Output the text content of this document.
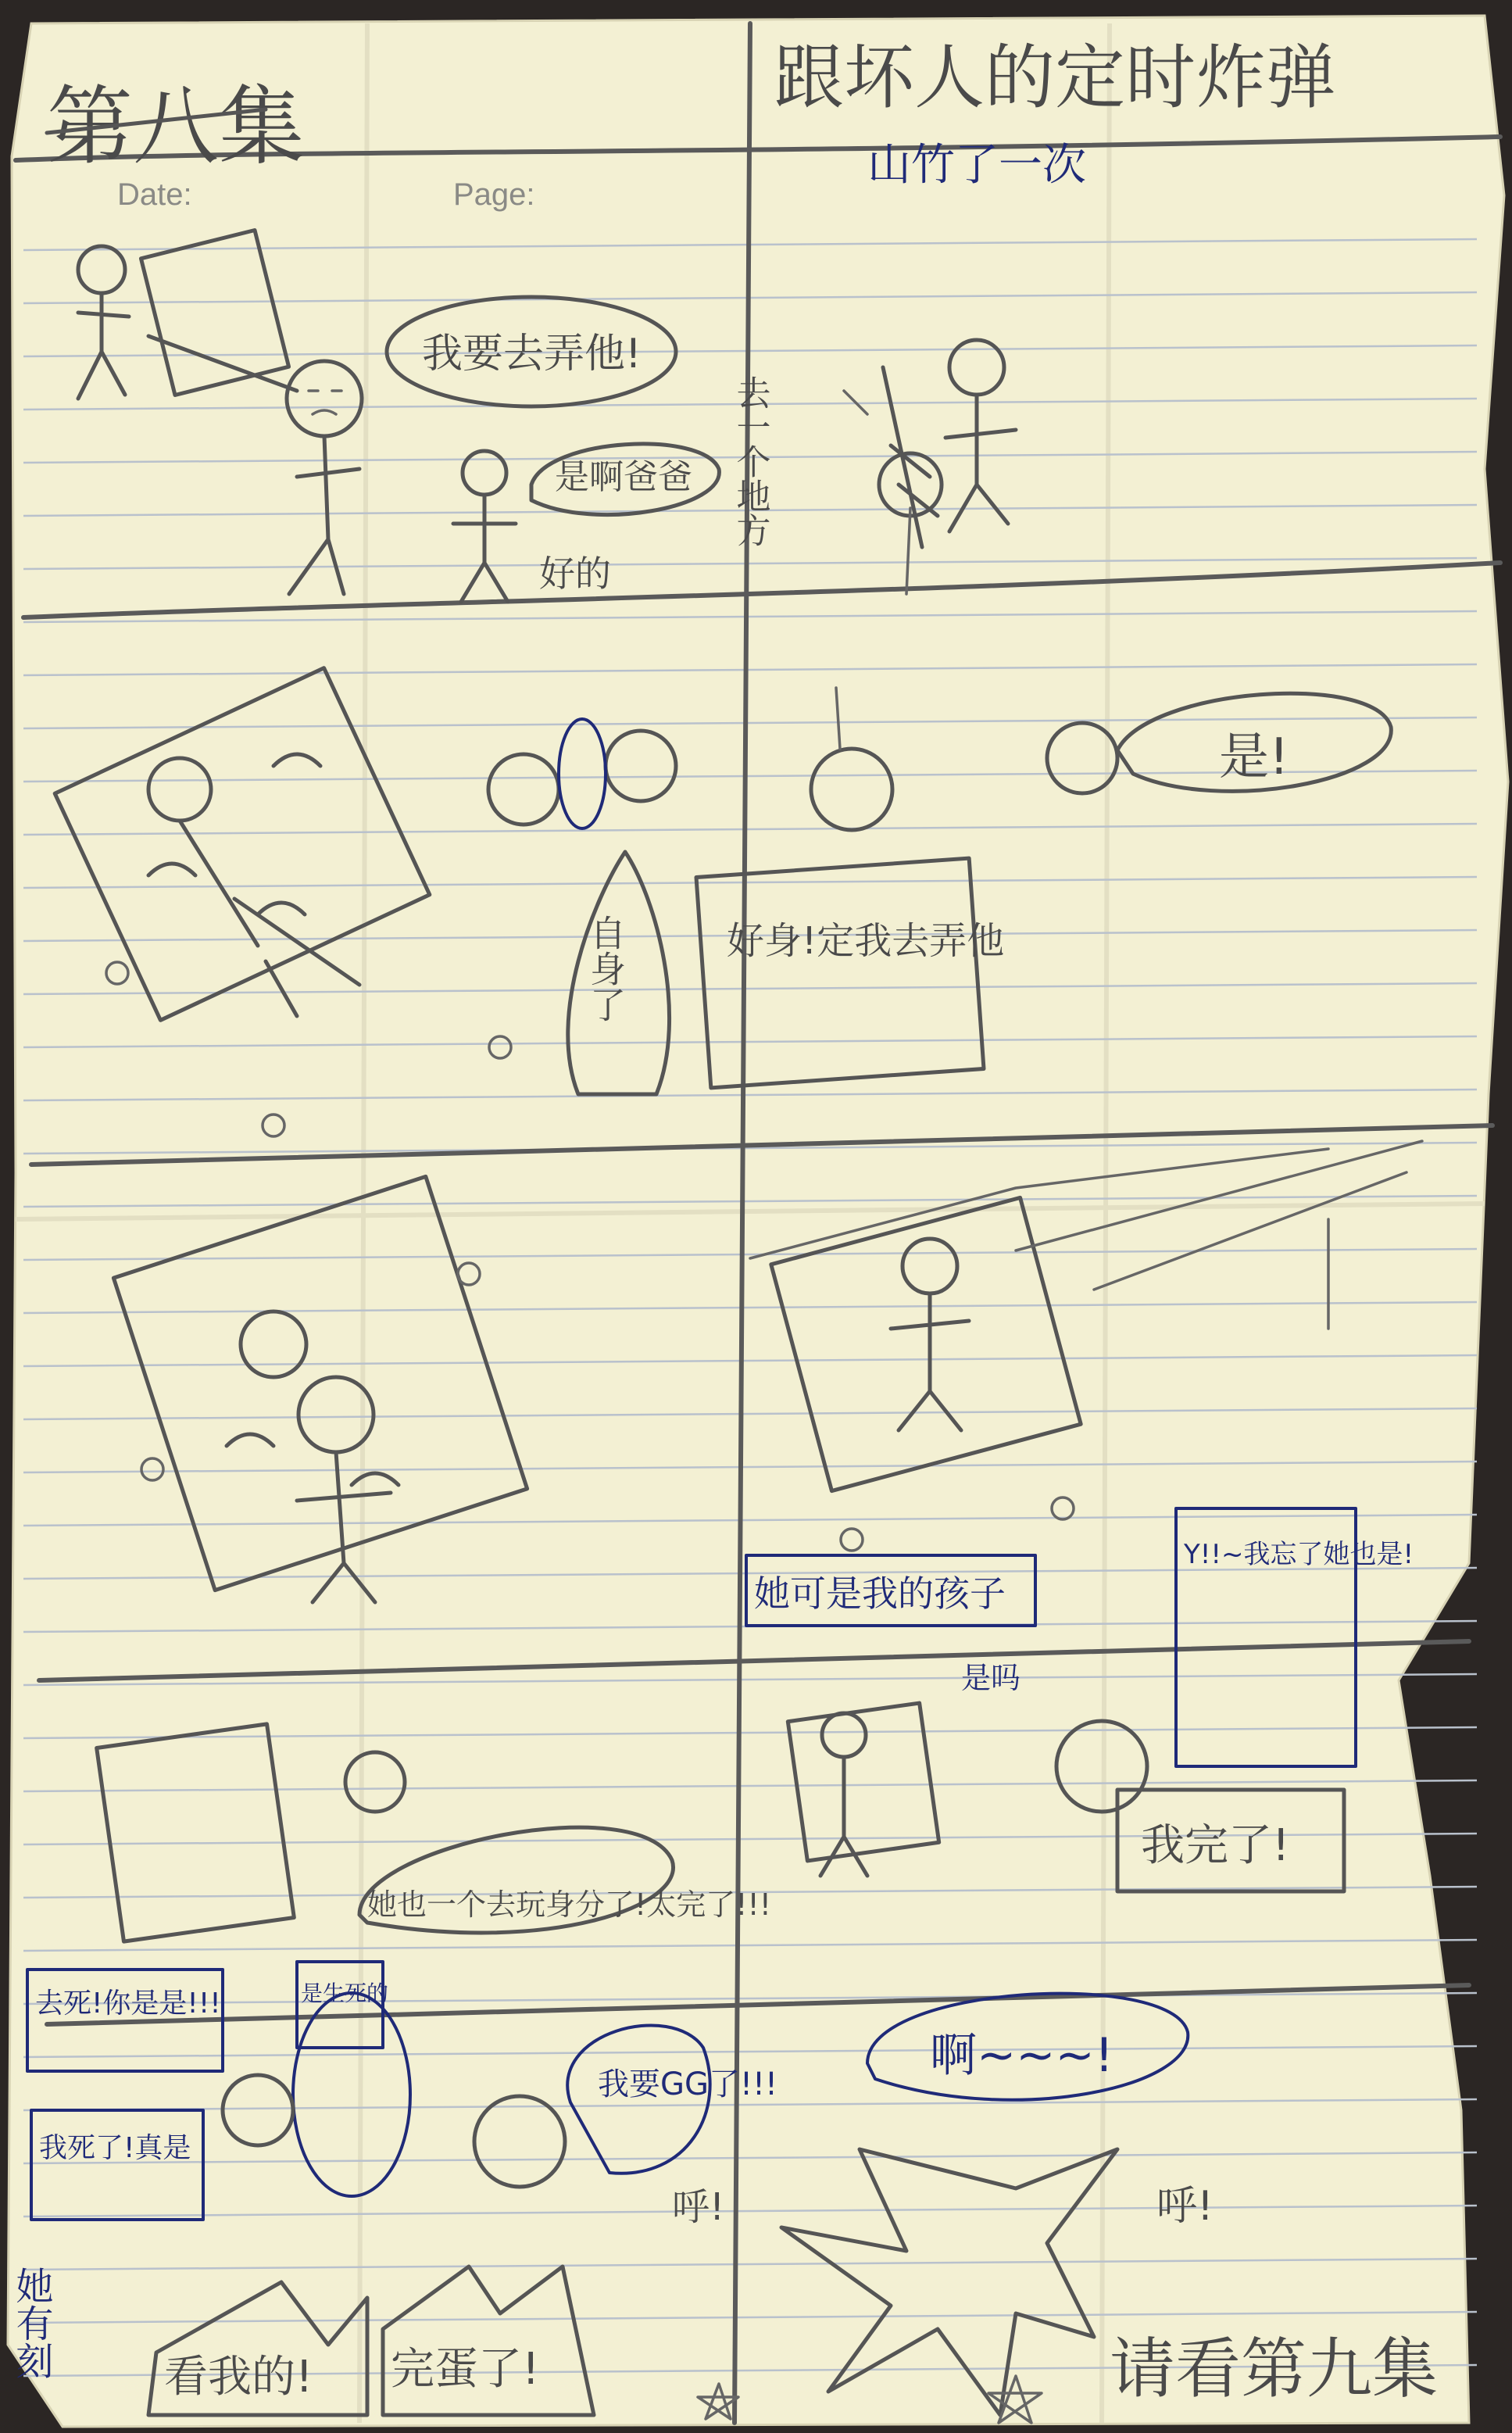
Date:	Page:
第八集	跟坏人的定时炸弹
山竹了一次
我要去弄他!
是啊爸爸
好的
去一个地方
自身了
是!
好身!定我去弄他
她也一个去玩身分了!太完了!!!
去死!你是是!!!
我死了!真是
是生死的
我要GG了!!!
她有刻
她可是我的孩子
Y!!~我忘了她也是!
是吗
我完了!
啊~~~!
呼!
看我的! 完蛋了!
呼!
请看第九集
